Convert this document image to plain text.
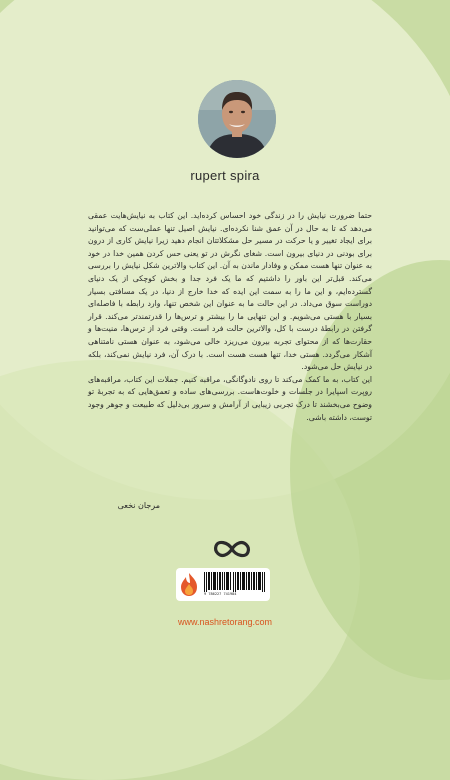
rupert spira

حتما ضرورت نیایش را در زندگی خود احساس کرده‌اید. این کتاب به نیایش‌هایت عمقی می‌دهد که تا به حال در آن عمق شنا نکرده‌ای. نیایش اصیل تنها عملی‌ست که می‌توانید برای ایجاد تغییر و یا حرکت در مسیر حل مشکلاتتان انجام دهید زیرا نیایش کاری از درون برای بودنی در دنیای بیرون است. شغای نگرش در تو یعنی حس کردن همین خدا در خود به عنوان تنها هست ممکن و وفادار ماندن به آن. این کتاب والاترین شکل نیایش را بررسی می‌کند. قبل‌تر این باور را داشتیم که ما یک فرد جدا و بخش کوچکی از یک دنیای گسترده‌ایم، و این ما را به سمت این ایده که خدا خارج از دنیا، در یک مسافتی بسیار دوراست سوق می‌داد. در این حالت ما به عنوان این شخص تنها، وارد رابطه با فاصله‌ای بسیار با هستی می‌شویم. و این تنهایی ما را بیشتر و ترس‌ها را قدرتمندتر می‌کند. قرار گرفتن در رابطهٔ درست با کل، والاترین حالت فرد است. وقتی فرد از ترس‌ها، منیت‌ها و حقارت‌ها که از محتوای تجربه بیرون می‌ریزد خالی می‌شود، به عنوان هستی نامتناهی آشکار می‌گردد. هستی خدا، تنها هست هست است. با درک آن، فرد نیایش نمی‌کند، بلکه در نیایش حل می‌شود.

این کتاب، به ما کمک می‌کند تا روی نادوگانگی، مراقبه کنیم. جملات این کتاب، مراقبه‌های روپرت اسپایرا در جلسات و خلوت‌هاست. بررسی‌های ساده و تعمق‌هایی که به تجربهٔ تو وضوح می‌بخشند تا درک تجربی زیبایی از آرامش و سرور بی‌دلیل که طبیعت و جوهر وجود توست، داشته باشی.

مرجان نخعی
9 786227 741984
www.nashretorang.com
